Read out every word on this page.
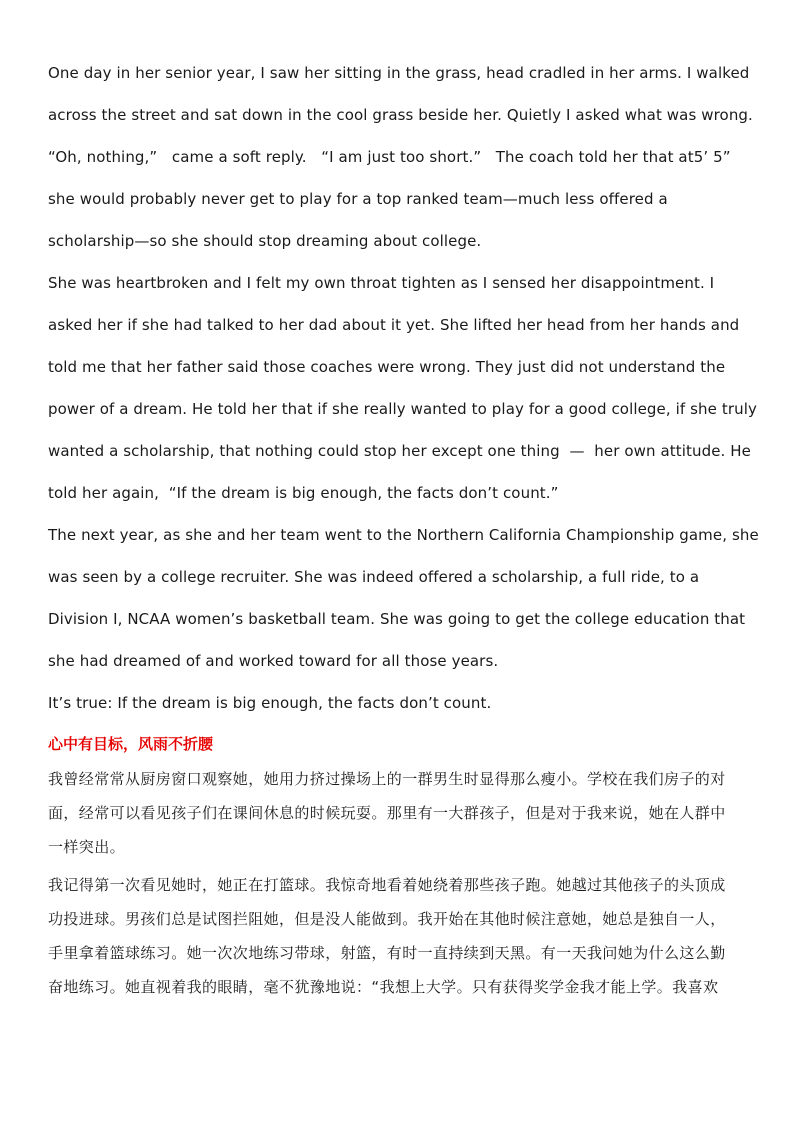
One day in her senior year, I saw her sitting in the grass, head cradled in her arms. I walked
across the street and sat down in the cool grass beside her. Quietly I asked what was wrong.
“Oh, nothing,”   came a soft reply.   “I am just too short.”   The coach told her that at5’ 5”
she would probably never get to play for a top ranked team—much less offered a
scholarship—so she should stop dreaming about college.
She was heartbroken and I felt my own throat tighten as I sensed her disappointment. I
asked her if she had talked to her dad about it yet. She lifted her head from her hands and
told me that her father said those coaches were wrong. They just did not understand the
power of a dream. He told her that if she really wanted to play for a good college, if she truly
wanted a scholarship, that nothing could stop her except one thing  —  her own attitude. He
told her again,  “If the dream is big enough, the facts don’t count.”
The next year, as she and her team went to the Northern California Championship game, she
was seen by a college recruiter. She was indeed offered a scholarship, a full ride, to a
Division I, NCAA women’s basketball team. She was going to get the college education that
she had dreamed of and worked toward for all those years.
It’s true: If the dream is big enough, the facts don’t count.
心中有目标，风雨不折腰
我曾经常常从厨房窗口观察她，她用力挤过操场上的一群男生时显得那么瘦小。学校在我们房子的对
面，经常可以看见孩子们在课间休息的时候玩耍。那里有一大群孩子，但是对于我来说，她在人群中
一样突出。
我记得第一次看见她时，她正在打篮球。我惊奇地看着她绕着那些孩子跑。她越过其他孩子的头顶成
功投进球。男孩们总是试图拦阻她，但是没人能做到。我开始在其他时候注意她，她总是独自一人，
手里拿着篮球练习。她一次次地练习带球，射篮，有时一直持续到天黑。有一天我问她为什么这么勤
奋地练习。她直视着我的眼睛，毫不犹豫地说：“我想上大学。只有获得奖学金我才能上学。我喜欢
